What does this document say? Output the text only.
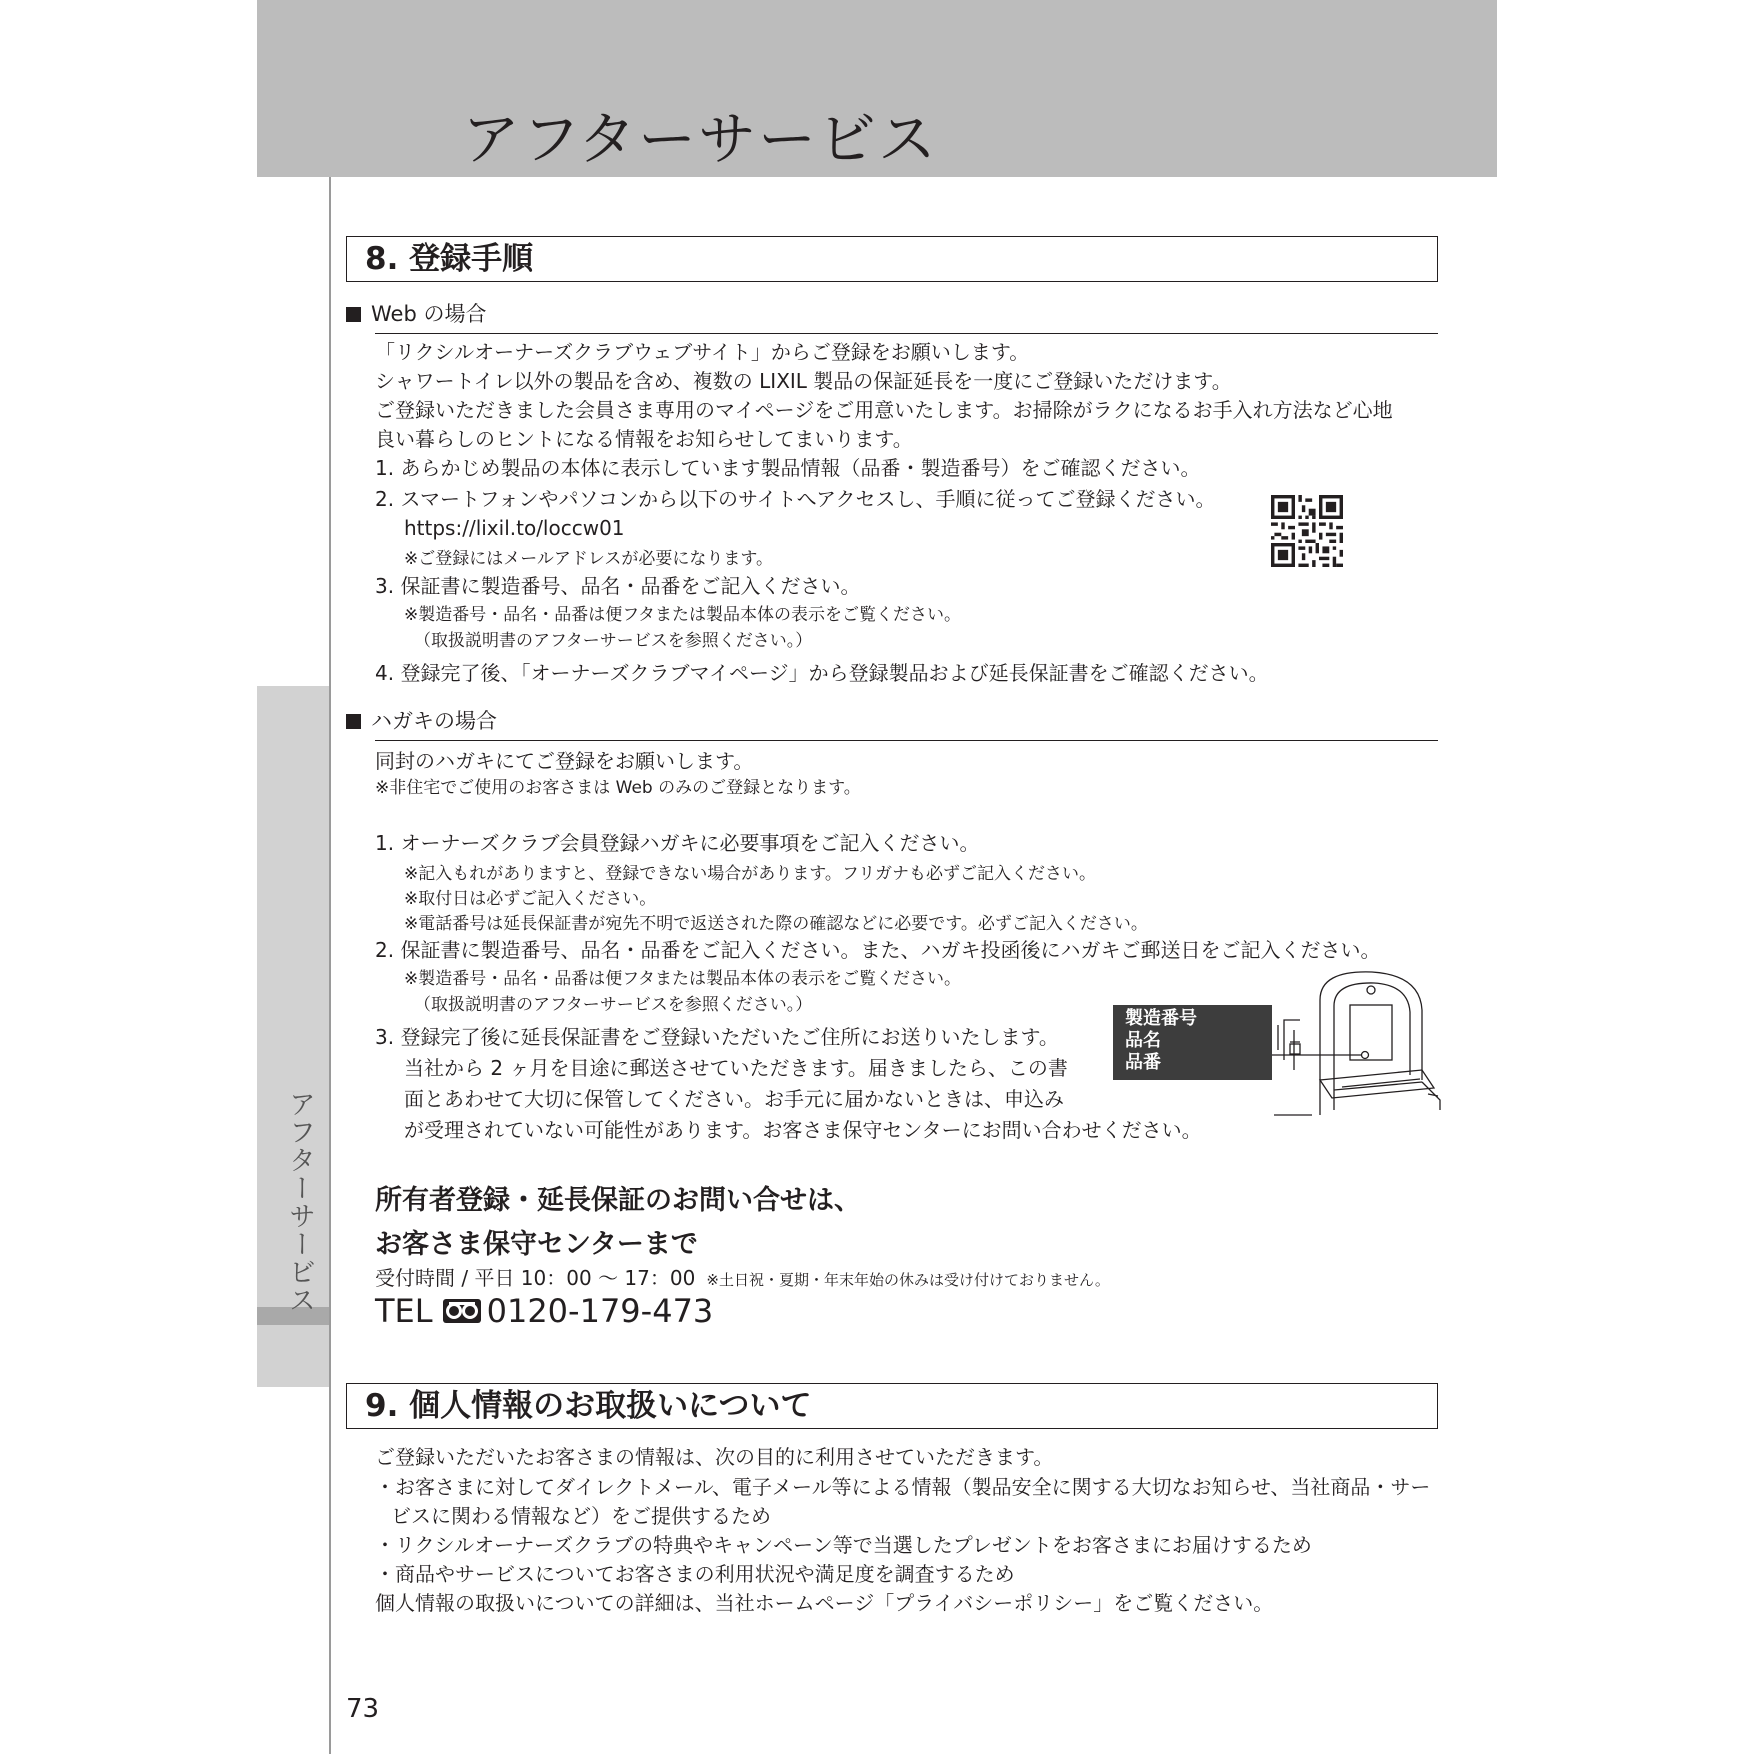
アフターサービス
アフターサービス
8. 登録手順
Web の場合
「リクシルオーナーズクラブウェブサイト」からご登録をお願いします。
シャワートイレ以外の製品を含め、複数の LIXIL 製品の保証延長を一度にご登録いただけます。
ご登録いただきました会員さま専用のマイページをご用意いたします。お掃除がラクになるお手入れ方法など心地
良い暮らしのヒントになる情報をお知らせしてまいります。
1. あらかじめ製品の本体に表示しています製品情報（品番・製造番号）をご確認ください。
2. スマートフォンやパソコンから以下のサイトへアクセスし、手順に従ってご登録ください。
https://lixil.to/loccw01
※ご登録にはメールアドレスが必要になります。
3. 保証書に製造番号、品名・品番をご記入ください。
※製造番号・品名・品番は便フタまたは製品本体の表示をご覧ください。
（取扱説明書のアフターサービスを参照ください。）
4. 登録完了後、「オーナーズクラブマイページ」から登録製品および延長保証書をご確認ください。
ハガキの場合
同封のハガキにてご登録をお願いします。
※非住宅でご使用のお客さまは Web のみのご登録となります。
1. オーナーズクラブ会員登録ハガキに必要事項をご記入ください。
※記入もれがありますと、登録できない場合があります。フリガナも必ずご記入ください。
※取付日は必ずご記入ください。
※電話番号は延長保証書が宛先不明で返送された際の確認などに必要です。必ずご記入ください。
2. 保証書に製造番号、品名・品番をご記入ください。また、ハガキ投函後にハガキご郵送日をご記入ください。
※製造番号・品名・品番は便フタまたは製品本体の表示をご覧ください。
（取扱説明書のアフターサービスを参照ください。）
3. 登録完了後に延長保証書をご登録いただいたご住所にお送りいたします。
当社から 2 ヶ月を目途に郵送させていただきます。届きましたら、この書
面とあわせて大切に保管してください。お手元に届かないときは、申込み
が受理されていない可能性があります。お客さま保守センターにお問い合わせください。
製造番号
品名
品番
所有者登録・延長保証のお問い合せは、
お客さま保守センターまで
受付時間 / 平日 10：00 ～ 17：00 ※土日祝・夏期・年末年始の休みは受け付けておりません。
TEL 0120-179-473
9. 個人情報のお取扱いについて
ご登録いただいたお客さまの情報は、次の目的に利用させていただきます。
・お客さまに対してダイレクトメール、電子メール等による情報（製品安全に関する大切なお知らせ、当社商品・サー
ビスに関わる情報など）をご提供するため
・リクシルオーナーズクラブの特典やキャンペーン等で当選したプレゼントをお客さまにお届けするため
・商品やサービスについてお客さまの利用状況や満足度を調査するため
個人情報の取扱いについての詳細は、当社ホームページ「プライバシーポリシー」をご覧ください。
73
